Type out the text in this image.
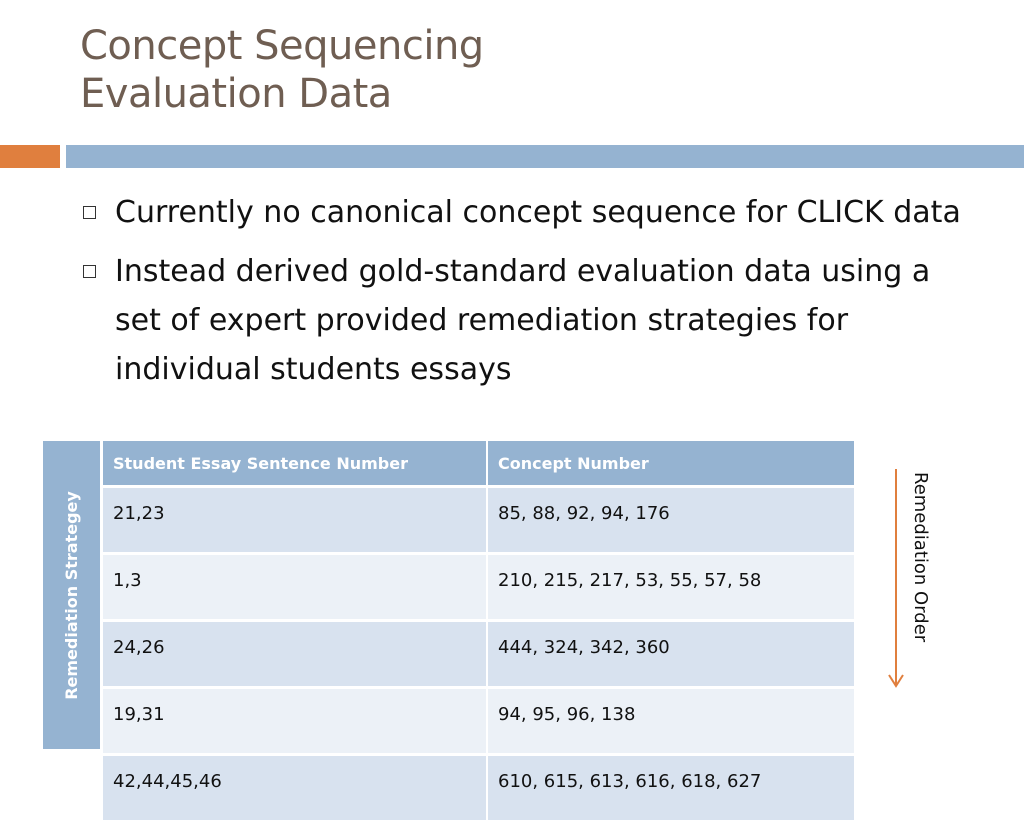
Concept Sequencing
Evaluation Data
Currently no canonical concept sequence for CLICK data
Instead derived gold-standard evaluation data using a set of expert provided remediation strategies for individual students essays
Remediation Strategey
Student Essay Sentence Number	Concept Number
21,23	85, 88, 92, 94, 176
1,3	210, 215, 217, 53, 55, 57, 58
24,26	444, 324, 342, 360
19,31	94, 95, 96, 138
42,44,45,46	610, 615, 613, 616, 618, 627
Remediation Order
